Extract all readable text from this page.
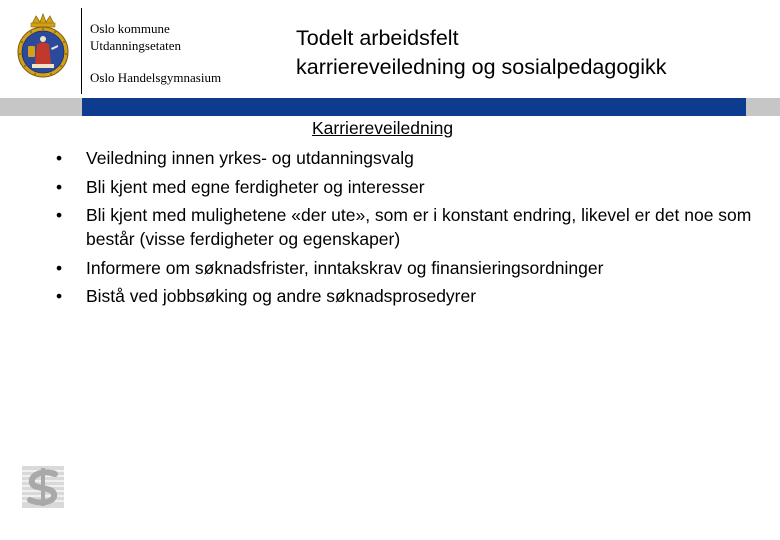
Oslo kommune
Utdanningsetaten
Oslo Handelsgymnasium
Todelt arbeidsfelt
karriereveiledning og sosialpedagogikk
Karriereveiledning
• Veiledning innen yrkes- og utdanningsvalg
• Bli kjent med egne ferdigheter og interesser
• Bli kjent med mulighetene «der ute», som er i konstant endring, likevel er det noe som består (visse ferdigheter og egenskaper)
• Informere om søknadsfrister, inntakskrav og finansieringsordninger
• Bistå ved jobbsøking og andre søknadsprosedyrer
